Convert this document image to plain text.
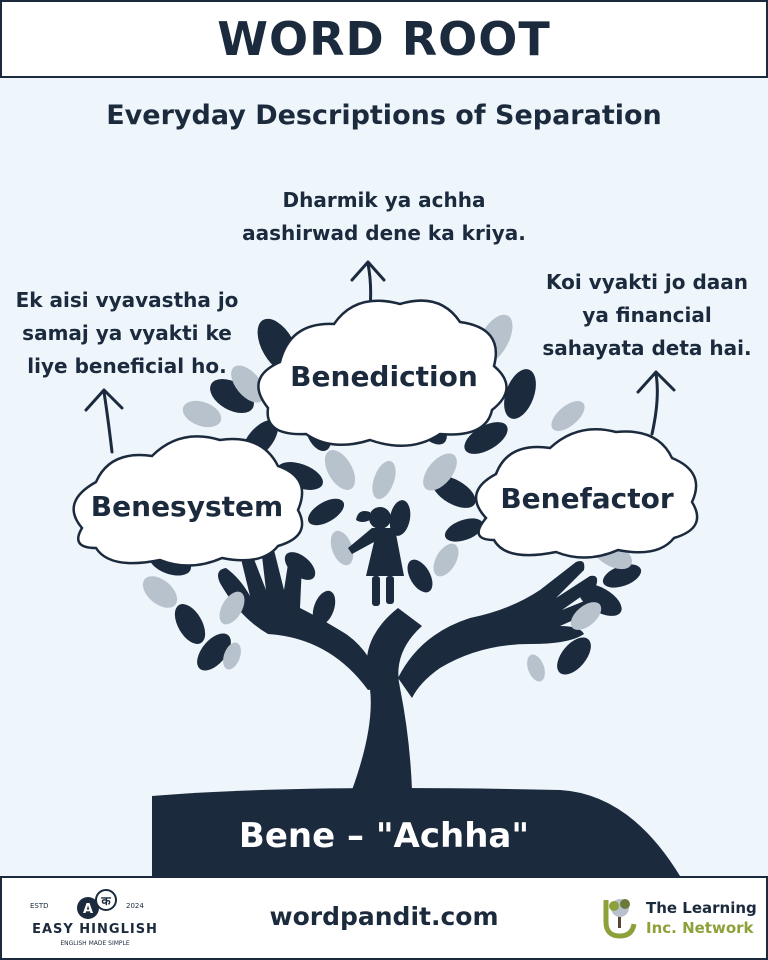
WORD ROOT
Everyday Descriptions of Separation
Dharmik ya achha
aashirwad dene ka kriya.
Ek aisi vyavastha jo
samaj ya vyakti ke
liye beneficial ho.
Koi vyakti jo daan
ya financial
sahayata deta hai.
Benediction
Benesystem	Benefactor
Bene – "Achha"
A
क
ESTD	2024
EASY HINGLISH
ENGLISH MADE SIMPLE
wordpandit.com	The Learning
Inc. Network
